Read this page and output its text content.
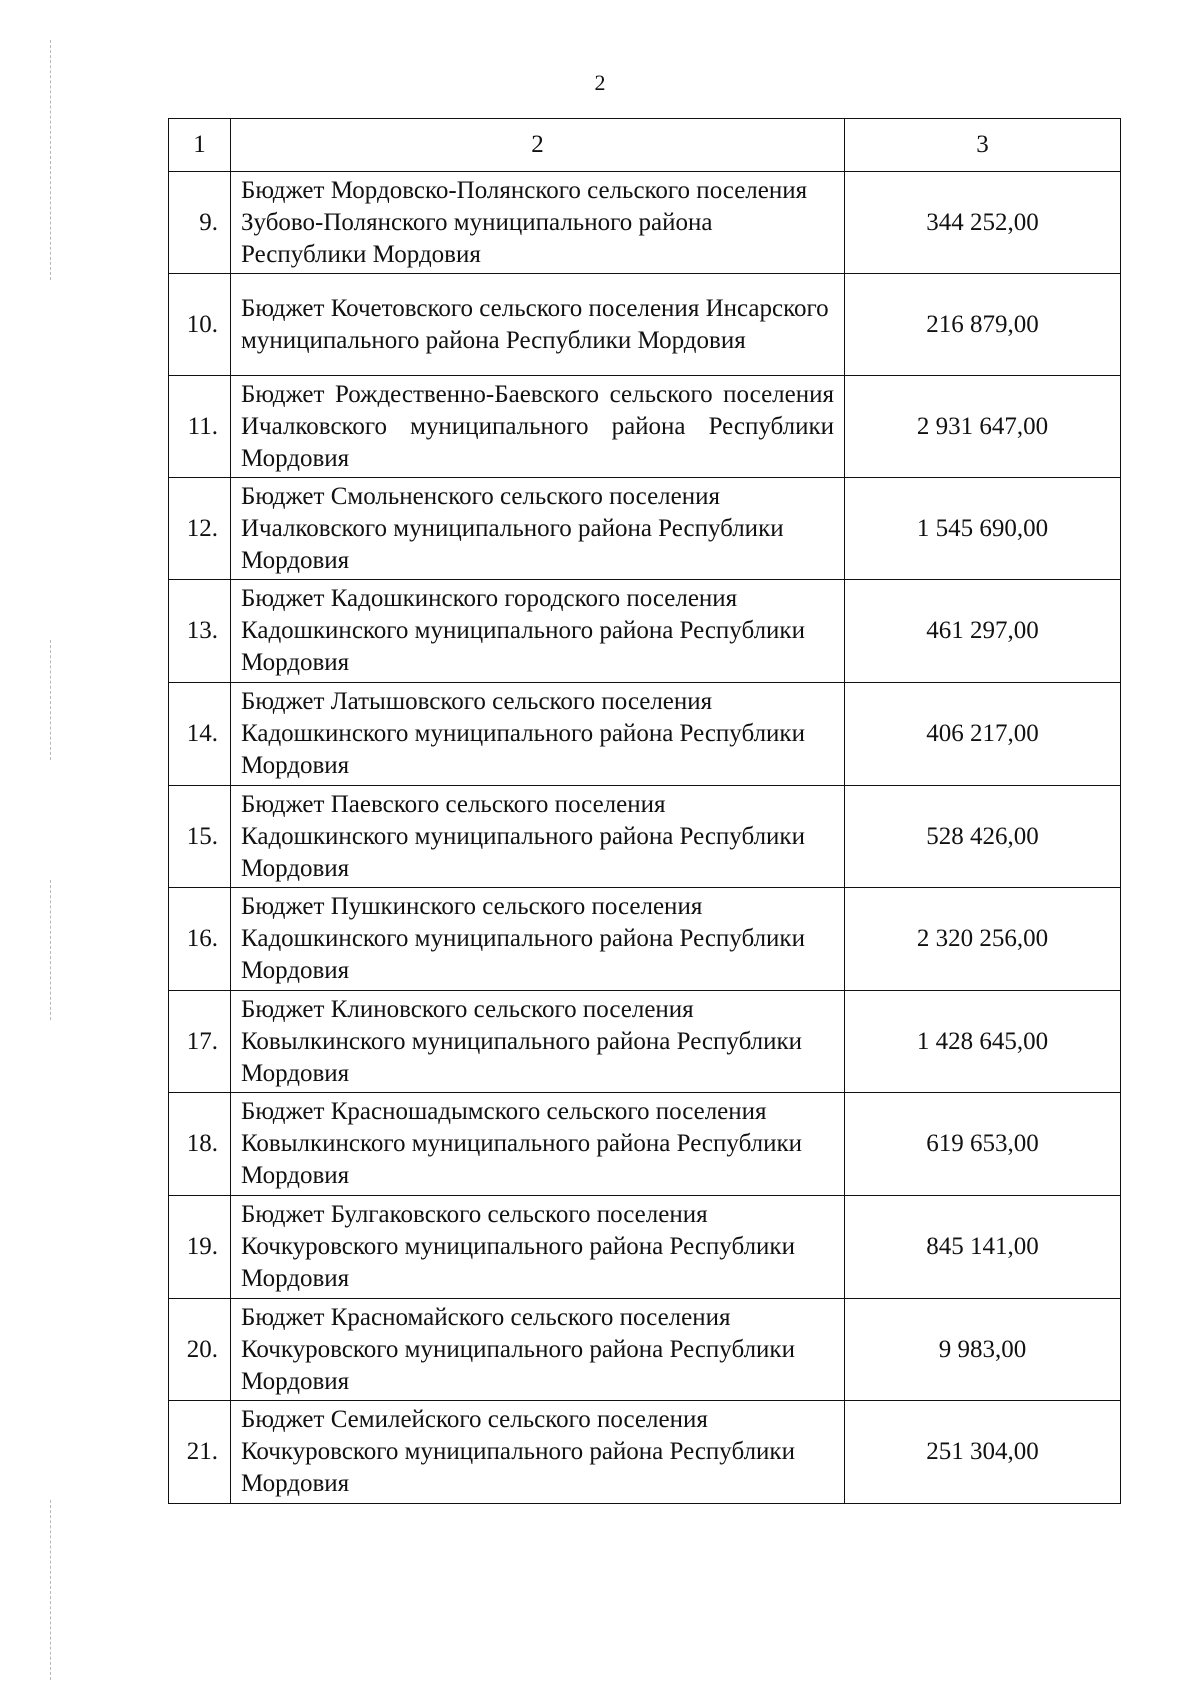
2
1	2	3
9.	Бюджет Мордовско-Полянского сельского поселения Зубово-Полянского муниципального района Республики Мордовия	344 252,00
10.	Бюджет Кочетовского сельского поселения Инсарского муниципального района Республики Мордовия	216 879,00
11.	Бюджет Рождественно-Баевского сельского поселения Ичалковского муниципального района Республики Мордовия	2 931 647,00
12.	Бюджет Смольненского сельского поселения Ичалковского муниципального района Республики Мордовия	1 545 690,00
13.	Бюджет Кадошкинского городского поселения Кадошкинского муниципального района Республики Мордовия	461 297,00
14.	Бюджет Латышовского сельского поселения Кадошкинского муниципального района Республики Мордовия	406 217,00
15.	Бюджет Паевского сельского поселения Кадошкинского муниципального района Республики Мордовия	528 426,00
16.	Бюджет Пушкинского сельского поселения Кадошкинского муниципального района Республики Мордовия	2 320 256,00
17.	Бюджет Клиновского сельского поселения Ковылкинского муниципального района Республики Мордовия	1 428 645,00
18.	Бюджет Красношадымского сельского поселения Ковылкинского муниципального района Республики Мордовия	619 653,00
19.	Бюджет Булгаковского сельского поселения Кочкуровского муниципального района Республики Мордовия	845 141,00
20.	Бюджет Красномайского сельского поселения Кочкуровского муниципального района Республики Мордовия	9 983,00
21.	Бюджет Семилейского сельского поселения Кочкуровского муниципального района Республики Мордовия	251 304,00
